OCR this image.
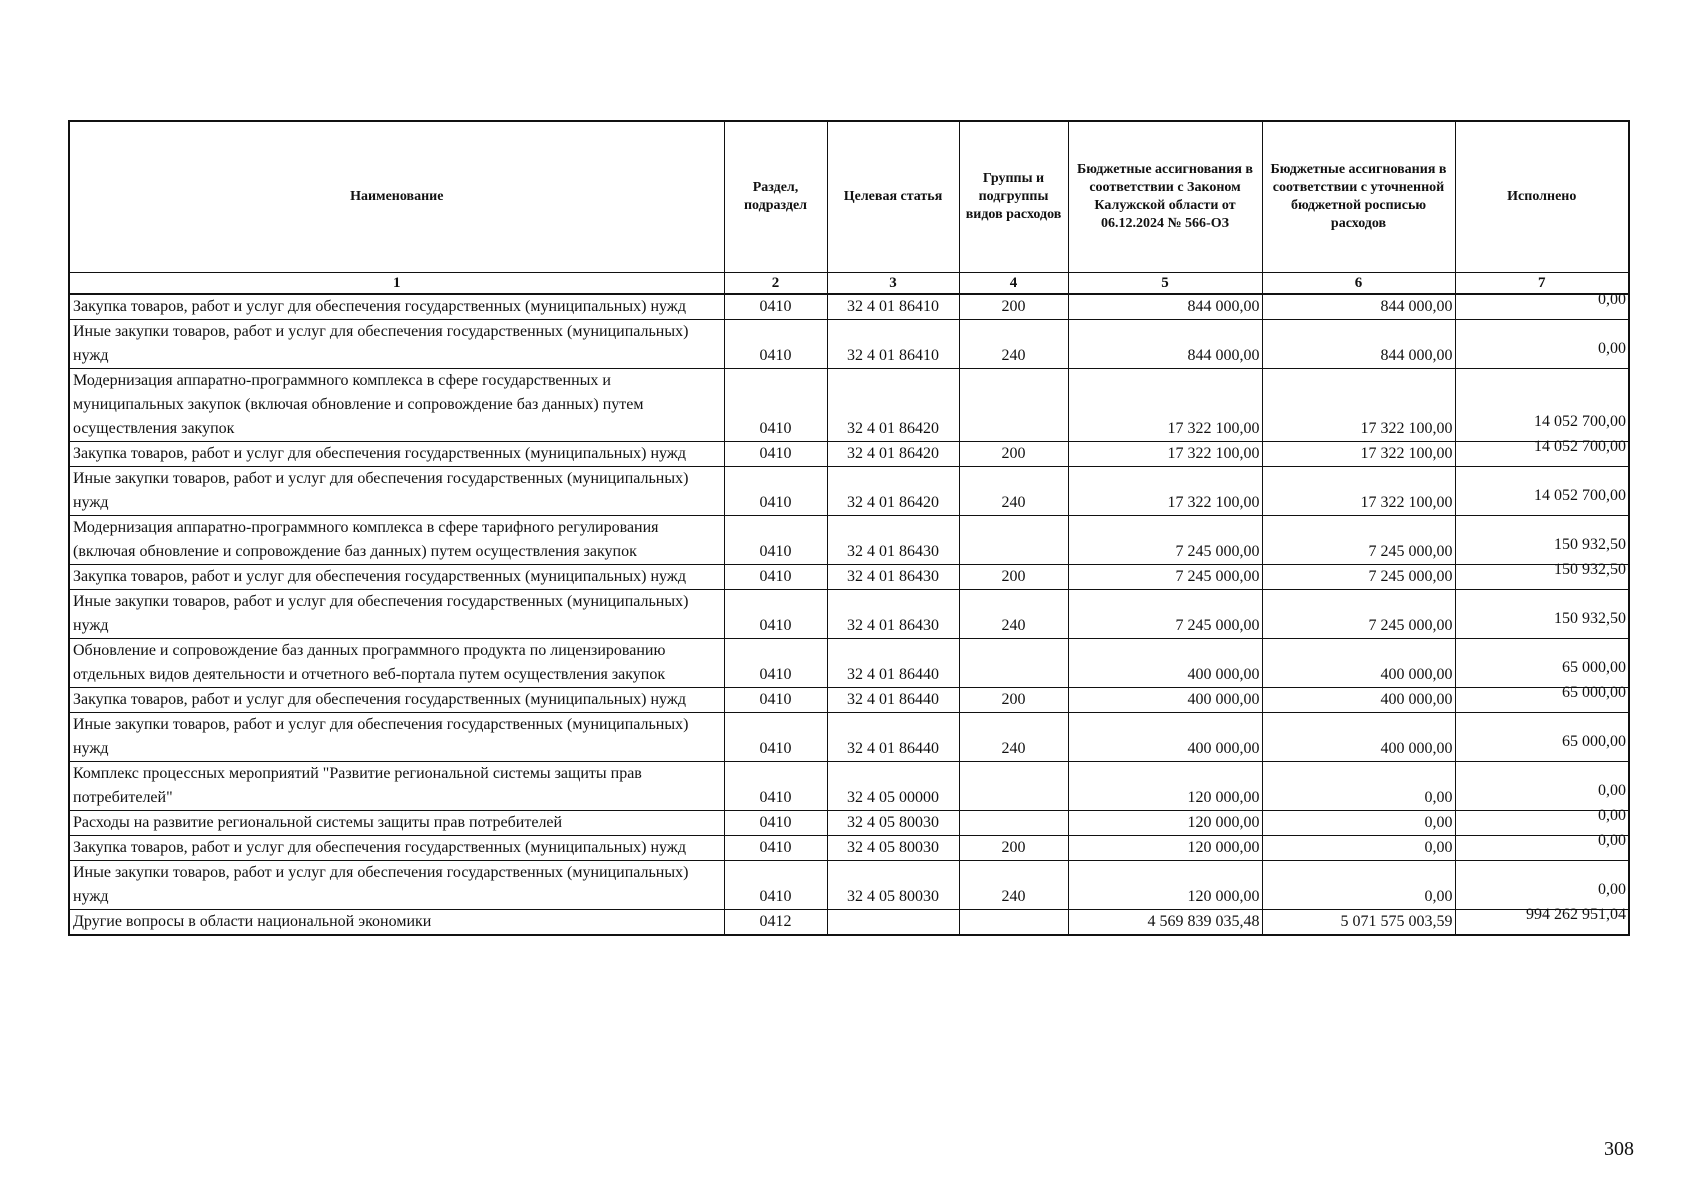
Наименование	Раздел, подраздел	Целевая статья	Группы и подгруппы видов расходов	Бюджетные ассигнования в соответствии с Законом Калужской области от 06.12.2024 № 566-ОЗ	Бюджетные ассигнования в соответствии с уточненной бюджетной росписью расходов	Исполнено
1	2	3	4	5	6	7
Закупка товаров, работ и услуг для обеспечения государственных (муниципальных) нужд	0410	32 4 01 86410	200	844 000,00	844 000,00	0,00
Иные закупки товаров, работ и услуг для обеспечения государственных (муниципальных) нужд	0410	32 4 01 86410	240	844 000,00	844 000,00	0,00
Модернизация аппаратно-программного комплекса в сфере государственных и муниципальных закупок (включая обновление и сопровождение баз данных) путем осуществления закупок	0410	32 4 01 86420		17 322 100,00	17 322 100,00	14 052 700,00
Закупка товаров, работ и услуг для обеспечения государственных (муниципальных) нужд	0410	32 4 01 86420	200	17 322 100,00	17 322 100,00	14 052 700,00
Иные закупки товаров, работ и услуг для обеспечения государственных (муниципальных) нужд	0410	32 4 01 86420	240	17 322 100,00	17 322 100,00	14 052 700,00
Модернизация аппаратно-программного комплекса в сфере тарифного регулирования (включая обновление и сопровождение баз данных) путем осуществления закупок	0410	32 4 01 86430		7 245 000,00	7 245 000,00	150 932,50
Закупка товаров, работ и услуг для обеспечения государственных (муниципальных) нужд	0410	32 4 01 86430	200	7 245 000,00	7 245 000,00	150 932,50
Иные закупки товаров, работ и услуг для обеспечения государственных (муниципальных) нужд	0410	32 4 01 86430	240	7 245 000,00	7 245 000,00	150 932,50
Обновление и сопровождение баз данных программного продукта по лицензированию отдельных видов деятельности и отчетного веб-портала путем осуществления закупок	0410	32 4 01 86440		400 000,00	400 000,00	65 000,00
Закупка товаров, работ и услуг для обеспечения государственных (муниципальных) нужд	0410	32 4 01 86440	200	400 000,00	400 000,00	65 000,00
Иные закупки товаров, работ и услуг для обеспечения государственных (муниципальных) нужд	0410	32 4 01 86440	240	400 000,00	400 000,00	65 000,00
Комплекс процессных мероприятий "Развитие региональной системы защиты прав потребителей"	0410	32 4 05 00000		120 000,00	0,00	0,00
Расходы на развитие региональной системы защиты прав потребителей	0410	32 4 05 80030		120 000,00	0,00	0,00
Закупка товаров, работ и услуг для обеспечения государственных (муниципальных) нужд	0410	32 4 05 80030	200	120 000,00	0,00	0,00
Иные закупки товаров, работ и услуг для обеспечения государственных (муниципальных) нужд	0410	32 4 05 80030	240	120 000,00	0,00	0,00
Другие вопросы в области национальной экономики	0412			4 569 839 035,48	5 071 575 003,59	994 262 951,04
308
